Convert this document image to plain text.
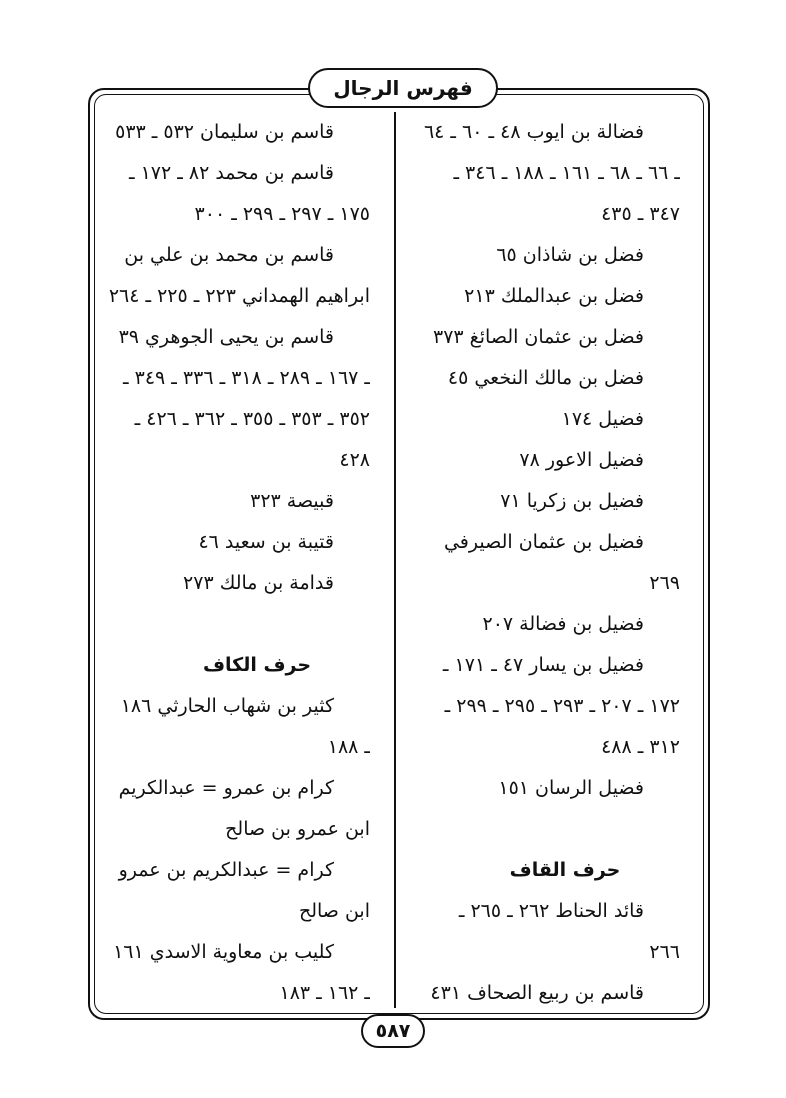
فهرس الرجال
فضالة بن ايوب ٤٨ ـ ٦٠ ـ ٦٤
ـ ٦٦ ـ ٦٨ ـ ١٦١ ـ ١٨٨ ـ ٣٤٦ ـ
٣٤٧ ـ ٤٣٥
فضل بن شاذان ٦٥
فضل بن عبدالملك ٢١٣
فضل بن عثمان الصائغ ٣٧٣
فضل بن مالك النخعي ٤٥
فضيل ١٧٤
فضيل الاعور ٧٨
فضيل بن زكريا ٧١
فضيل بن عثمان الصيرفي
٢٦٩
فضيل بن فضالة ٢٠٧
فضيل بن يسار ٤٧ ـ ١٧١ ـ
١٧٢ ـ ٢٠٧ ـ ٢٩٣ ـ ٢٩٥ ـ ٢٩٩ ـ
٣١٢ ـ ٤٨٨
فضيل الرسان ١٥١
حرف القاف
قائد الحناط ٢٦٢ ـ ٢٦٥ ـ
٢٦٦
قاسم بن ربيع الصحاف ٤٣١
قاسم بن سليمان ٥٣٢ ـ ٥٣٣
قاسم بن محمد ٨٢ ـ ١٧٢ ـ
١٧٥ ـ ٢٩٧ ـ ٢٩٩ ـ ٣٠٠
قاسم بن محمد بن علي بن
ابراهيم الهمداني ٢٢٣ ـ ٢٢٥ ـ ٢٦٤
قاسم بن يحيى الجوهري ٣٩
ـ ١٦٧ ـ ٢٨٩ ـ ٣١٨ ـ ٣٣٦ ـ ٣٤٩ ـ
٣٥٢ ـ ٣٥٣ ـ ٣٥٥ ـ ٣٦٢ ـ ٤٢٦ ـ
٤٢٨
قبيصة ٣٢٣
قتيبة بن سعيد ٤٦
قدامة بن مالك ٢٧٣
حرف الكاف
كثير بن شهاب الحارثي ١٨٦
ـ ١٨٨
كرام بن عمرو = عبدالكريم
ابن عمرو بن صالح
كرام = عبدالكريم بن عمرو
ابن صالح
كليب بن معاوية الاسدي ١٦١
ـ ١٦٢ ـ ١٨٣
٥٨٧
